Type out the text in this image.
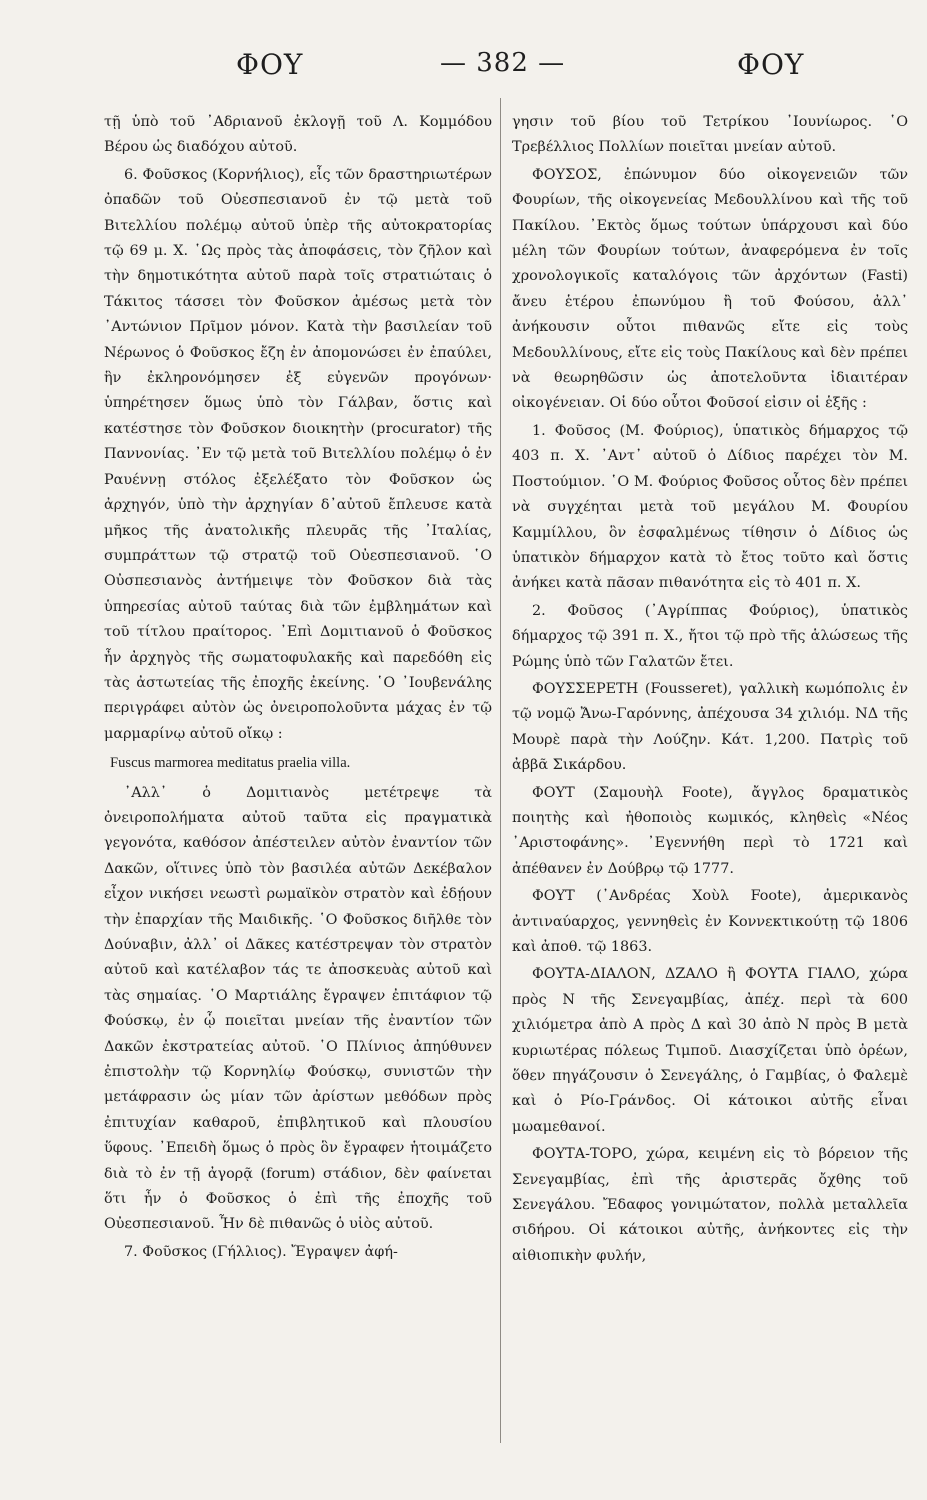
ΦΟΥ	— 382 —	ΦΟΥ

τῇ ὑπὸ τοῦ ᾿Αδριανοῦ ἐκλογῇ τοῦ Λ. Κομμόδου Βέρου ὡς διαδόχου αὐτοῦ.

6. Φοῦσκος (Κορνήλιος), εἷς τῶν δραστηριωτέρων ὀπαδῶν τοῦ Οὐεσπεσιανοῦ ἐν τῷ μετὰ τοῦ Βιτελλίου πολέμῳ αὐτοῦ ὑπὲρ τῆς αὐτοκρατορίας τῷ 69 μ. Χ. ῾Ως πρὸς τὰς ἀποφάσεις, τὸν ζῆλον καὶ τὴν δημοτικότητα αὐτοῦ παρὰ τοῖς στρατιώταις ὁ Τάκιτος τάσσει τὸν Φοῦσκον ἀμέσως μετὰ τὸν ᾿Αντώνιον Πρῖμον μόνον. Κατὰ τὴν βασιλείαν τοῦ Νέρωνος ὁ Φοῦσκος ἔζη ἐν ἀπομονώσει ἐν ἐπαύλει, ἣν ἐκληρονόμησεν ἐξ εὐγενῶν προγόνων· ὑπηρέτησεν ὅμως ὑπὸ τὸν Γάλβαν, ὅστις καὶ κατέστησε τὸν Φοῦσκον διοικητὴν (procurator) τῆς Παννονίας. ᾿Εν τῷ μετὰ τοῦ Βιτελλίου πολέμῳ ὁ ἐν Ραυέννῃ στόλος ἐξελέξατο τὸν Φοῦσκον ὡς ἀρχηγόν, ὑπὸ τὴν ἀρχηγίαν δ᾿αὐτοῦ ἔπλευσε κατὰ μῆκος τῆς ἀνατολικῆς πλευρᾶς τῆς ᾿Ιταλίας, συμπράττων τῷ στρατῷ τοῦ Οὐεσπεσιανοῦ. ῾Ο Οὐσπεσιανὸς ἀντήμειψε τὸν Φοῦσκον διὰ τὰς ὑπηρεσίας αὐτοῦ ταύτας διὰ τῶν ἐμβλημάτων καὶ τοῦ τίτλου πραίτορος. ᾿Επὶ Δομιτιανοῦ ὁ Φοῦσκος ἦν ἀρχηγὸς τῆς σωματοφυλακῆς καὶ παρεδόθη εἰς τὰς ἀστωτείας τῆς ἐποχῆς ἐκείνης. ῾Ο ᾿Ιουβενάλης περιγράφει αὐτὸν ὡς ὀνειροπολοῦντα μάχας ἐν τῷ μαρμαρίνῳ αὐτοῦ οἴκῳ :

Fuscus marmorea meditatus praelia villa.

᾿Αλλ᾿ ὁ Δομιτιανὸς μετέτρεψε τὰ ὀνειροπολήματα αὐτοῦ ταῦτα εἰς πραγματικὰ γεγονότα, καθόσον ἀπέστειλεν αὐτὸν ἐναντίον τῶν Δακῶν, οἵτινες ὑπὸ τὸν βασιλέα αὐτῶν Δεκέβαλον εἶχον νικήσει νεωστὶ ρωμαϊκὸν στρατὸν καὶ ἐδῄουν τὴν ἐπαρχίαν τῆς Μαιδικῆς. ῾Ο Φοῦσκος διῆλθε τὸν Δούναβιν, ἀλλ᾿ οἱ Δᾶκες κατέστρεψαν τὸν στρατὸν αὐτοῦ καὶ κατέλαβον τάς τε ἀποσκευὰς αὐτοῦ καὶ τὰς σημαίας. ῾Ο Μαρτιάλης ἔγραψεν ἐπιτάφιον τῷ Φούσκῳ, ἐν ᾧ ποιεῖται μνείαν τῆς ἐναντίον τῶν Δακῶν ἐκστρατείας αὐτοῦ. ῾Ο Πλίνιος ἀπηύθυνεν ἐπιστολὴν τῷ Κορνηλίῳ Φούσκῳ, συνιστῶν τὴν μετάφρασιν ὡς μίαν τῶν ἀρίστων μεθόδων πρὸς ἐπιτυχίαν καθαροῦ, ἐπιβλητικοῦ καὶ πλουσίου ὕφους. ᾿Επειδὴ ὅμως ὁ πρὸς ὃν ἔγραφεν ἡτοιμάζετο διὰ τὸ ἐν τῇ ἀγορᾷ (forum) στάδιον, δὲν φαίνεται ὅτι ἦν ὁ Φοῦσκος ὁ ἐπὶ τῆς ἐποχῆς τοῦ Οὐεσπεσιανοῦ. Ἦν δὲ πιθανῶς ὁ υἱὸς αὐτοῦ.

7. Φοῦσκος (Γήλλιος). Ἔγραψεν ἀφή-

γησιν τοῦ βίου τοῦ Τετρίκου ᾿Ιουνίωρος. ῾Ο Τρεβέλλιος Πολλίων ποιεῖται μνείαν αὐτοῦ.

ΦΟΥΣΟΣ, ἐπώνυμον δύο οἰκογενειῶν τῶν Φουρίων, τῆς οἰκογενείας Μεδουλλίνου καὶ τῆς τοῦ Πακίλου. ᾿Εκτὸς ὅμως τούτων ὑπάρχουσι καὶ δύο μέλη τῶν Φουρίων τούτων, ἀναφερόμενα ἐν τοῖς χρονολογικοῖς καταλόγοις τῶν ἀρχόντων (Fasti) ἄνευ ἑτέρου ἐπωνύμου ἢ τοῦ Φούσου, ἀλλ᾿ ἀνήκουσιν οὗτοι πιθανῶς εἴτε εἰς τοὺς Μεδουλλίνους, εἴτε εἰς τοὺς Πακίλους καὶ δὲν πρέπει νὰ θεωρηθῶσιν ὡς ἀποτελοῦντα ἰδιαιτέραν οἰκογένειαν. Οἱ δύο οὗτοι Φοῦσοί εἰσιν οἱ ἑξῆς :

1. Φοῦσος (Μ. Φούριος), ὑπατικὸς δήμαρχος τῷ 403 π. Χ. ᾿Αντ᾿ αὐτοῦ ὁ Δίδιος παρέχει τὸν Μ. Ποστούμιον. ῾Ο Μ. Φούριος Φοῦσος οὗτος δὲν πρέπει νὰ συγχέηται μετὰ τοῦ μεγάλου Μ. Φουρίου Καμμίλλου, ὃν ἐσφαλμένως τίθησιν ὁ Δίδιος ὡς ὑπατικὸν δήμαρχον κατὰ τὸ ἔτος τοῦτο καὶ ὅστις ἀνήκει κατὰ πᾶσαν πιθανότητα εἰς τὸ 401 π. Χ.

2. Φοῦσος (᾿Αγρίππας Φούριος), ὑπατικὸς δήμαρχος τῷ 391 π. Χ., ἤτοι τῷ πρὸ τῆς ἁλώσεως τῆς Ρώμης ὑπὸ τῶν Γαλατῶν ἔτει.

ΦΟΥΣΣΕΡΕΤΗ (Fousseret), γαλλικὴ κωμόπολις ἐν τῷ νομῷ Ἄνω-Γαρόννης, ἀπέχουσα 34 χιλιόμ. ΝΔ τῆς Μουρὲ παρὰ τὴν Λούζην. Κάτ. 1,200. Πατρὶς τοῦ ἀββᾶ Σικάρδου.

ΦΟΥΤ (Σαμουὴλ Foote), ἄγγλος δραματικὸς ποιητὴς καὶ ἠθοποιὸς κωμικός, κληθεὶς «Νέος ᾿Αριστοφάνης». ᾿Εγεννήθη περὶ τὸ 1721 καὶ ἀπέθανεν ἐν Δούβρῳ τῷ 1777.

ΦΟΥΤ (᾿Ανδρέας Χοὺλ Foote), ἀμερικανὸς ἀντιναύαρχος, γεννηθεὶς ἐν Κοννεκτικούτῃ τῷ 1806 καὶ ἀποθ. τῷ 1863.

ΦΟΥΤΑ-ΔΙΑΛΟΝ, ΔΖΑΛΟ ἢ ΦΟΥΤΑ ΓΙΑΛΟ, χώρα πρὸς Ν τῆς Σενεγαμβίας, ἀπέχ. περὶ τὰ 600 χιλιόμετρα ἀπὸ Α πρὸς Δ καὶ 30 ἀπὸ Ν πρὸς Β μετὰ κυριωτέρας πόλεως Τιμποῦ. Διασχίζεται ὑπὸ ὀρέων, ὅθεν πηγάζουσιν ὁ Σενεγάλης, ὁ Γαμβίας, ὁ Φαλεμὲ καὶ ὁ Ρίο-Γράνδος. Οἱ κάτοικοι αὐτῆς εἶναι μωαμεθανοί.

ΦΟΥΤΑ-ΤΟΡΟ, χώρα, κειμένη εἰς τὸ βόρειον τῆς Σενεγαμβίας, ἐπὶ τῆς ἀριστερᾶς ὄχθης τοῦ Σενεγάλου. Ἔδαφος γονιμώτατον, πολλὰ μεταλλεῖα σιδήρου. Οἱ κάτοικοι αὐτῆς, ἀνήκοντες εἰς τὴν αἰθιοπικὴν φυλήν,
